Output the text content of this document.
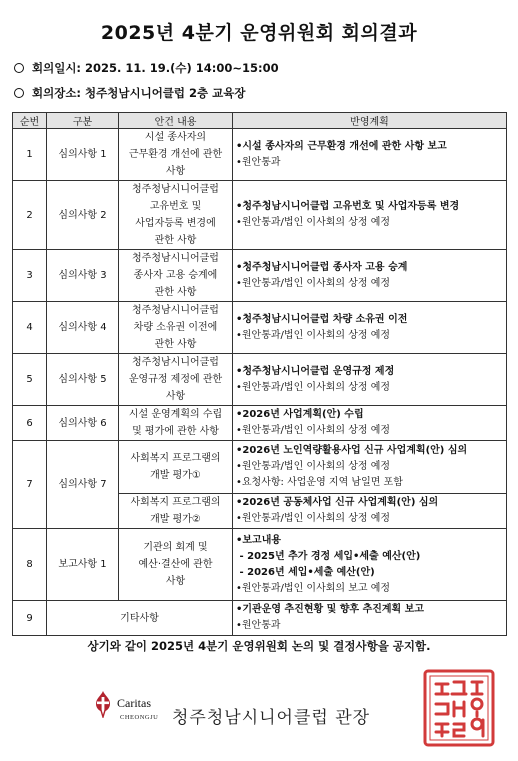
2025년 4분기 운영위원회 회의결과
회의일시: 2025. 11. 19.(수) 14:00~15:00
회의장소: 청주청남시니어클럽 2층 교육장
순번	구분	안건 내용	반영계획
1	심의사항 1	시설 종사자의
근무환경 개선에 관한
사항	•시설 종사자의 근무환경 개선에 관한 사항 보고
•원안통과

2	심의사항 2	청주청남시니어클럽
고유번호 및
사업자등록 변경에
관한 사항	•청주청남시니어클럽 고유번호 및 사업자등록 변경
•원안통과/법인 이사회의 상정 예정

3	심의사항 3	청주청남시니어클럽
종사자 고용 승계에
관한 사항	•청주청남시니어클럽 종사자 고용 승계
•원안통과/법인 이사회의 상정 예정

4	심의사항 4	청주청남시니어클럽
차량 소유권 이전에
관한 사항	•청주청남시니어클럽 차량 소유권 이전
•원안통과/법인 이사회의 상정 예정

5	심의사항 5	청주청남시니어클럽
운영규정 제정에 관한
사항	•청주청남시니어클럽 운영규정 제정
•원안통과/법인 이사회의 상정 예정

6	심의사항 6	시설 운영계획의 수립
및 평가에 관한 사항	•2026년 사업계획(안) 수립
•원안통과/법인 이사회의 상정 예정

7	심의사항 7	사회복지 프로그램의
개발 평가①	•2026년 노인역량활용사업 신규 사업계획(안) 심의
•원안통과/법인 이사회의 상정 예정
•요청사항: 사업운영 지역 남일면 포함

		사회복지 프로그램의
개발 평가②	•2026년 공동체사업 신규 사업계획(안) 심의
•원안통과/법인 이사회의 상정 예정

8	보고사항 1	기관의 회계 및
예산·결산에 관한
사항	•보고내용
- 2025년 추가 경정 세입•세출 예산(안)
- 2026년 세입•세출 예산(안)
•원안통과/법인 이사회의 보고 예정

9	기타사항		•기관운영 추진현황 및 향후 추진계획 보고
•원안통과
상기와 같이 2025년 4분기 운영위원회 논의 및 결정사항을 공지함.
Caritas
CHEONGJU 청주청남시니어클럽 관장
